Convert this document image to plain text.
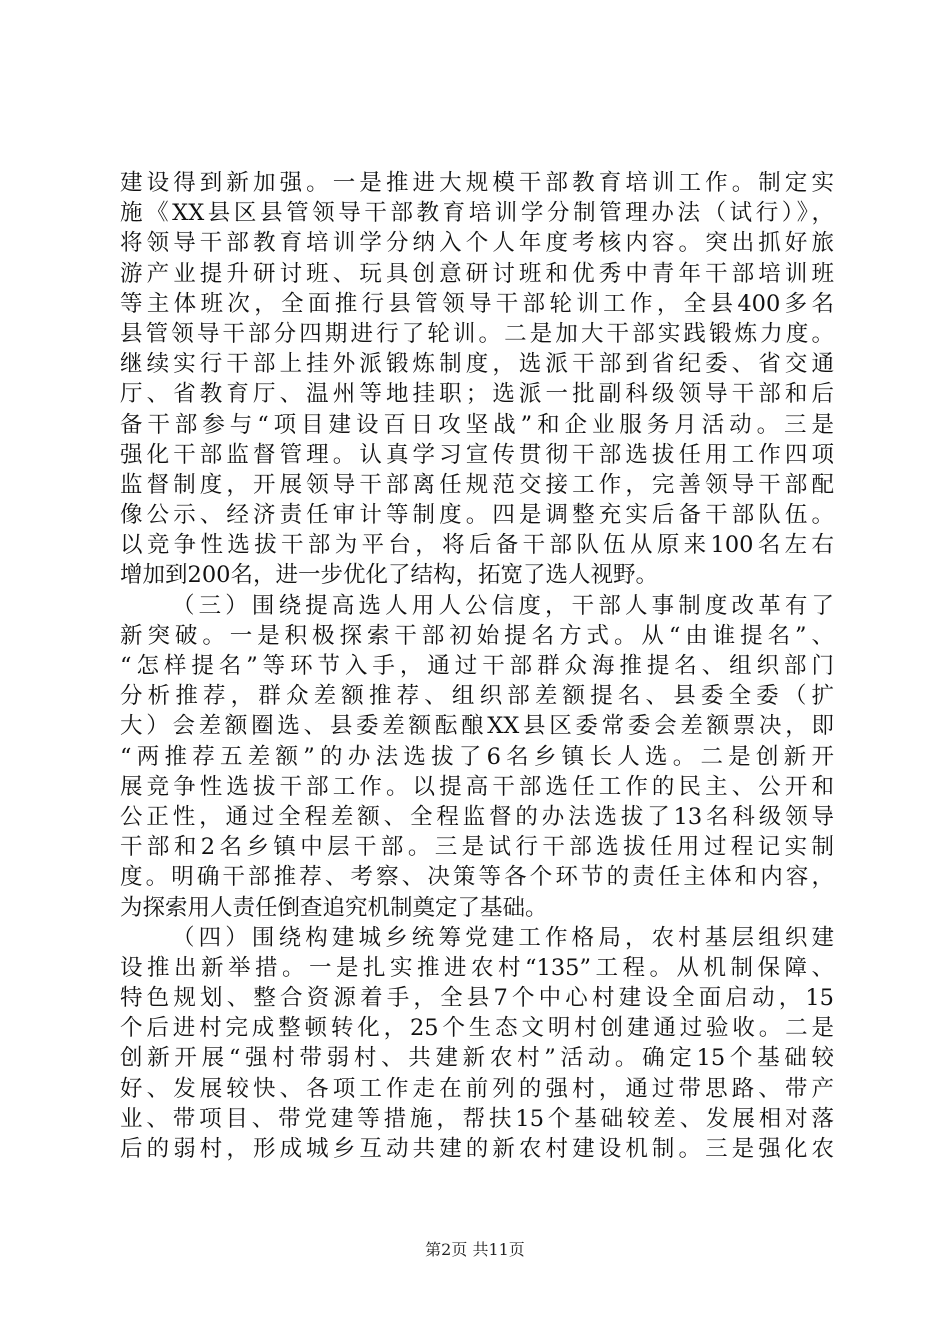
建设得到新加强。一是推进大规模干部教育培训工作。制定实
施《XX县区县管领导干部教育培训学分制管理办法（试行）》，
将领导干部教育培训学分纳入个人年度考核内容。突出抓好旅
游产业提升研讨班、玩具创意研讨班和优秀中青年干部培训班
等主体班次，全面推行县管领导干部轮训工作，全县400多名
县管领导干部分四期进行了轮训。二是加大干部实践锻炼力度。
继续实行干部上挂外派锻炼制度，选派干部到省纪委、省交通
厅、省教育厅、温州等地挂职；选派一批副科级领导干部和后
备干部参与“项目建设百日攻坚战”和企业服务月活动。三是
强化干部监督管理。认真学习宣传贯彻干部选拔任用工作四项
监督制度，开展领导干部离任规范交接工作，完善领导干部配
像公示、经济责任审计等制度。四是调整充实后备干部队伍。
以竞争性选拔干部为平台，将后备干部队伍从原来100名左右
增加到200名，进一步优化了结构，拓宽了选人视野。
（三）围绕提高选人用人公信度，干部人事制度改革有了
新突破。一是积极探索干部初始提名方式。从“由谁提名”、
“怎样提名”等环节入手，通过干部群众海推提名、组织部门
分析推荐，群众差额推荐、组织部差额提名、县委全委（扩
大）会差额圈选、县委差额酝酿XX县区委常委会差额票决，即
“两推荐五差额”的办法选拔了6名乡镇长人选。二是创新开
展竞争性选拔干部工作。以提高干部选任工作的民主、公开和
公正性，通过全程差额、全程监督的办法选拔了13名科级领导
干部和2名乡镇中层干部。三是试行干部选拔任用过程记实制
度。明确干部推荐、考察、决策等各个环节的责任主体和内容，
为探索用人责任倒查追究机制奠定了基础。
（四）围绕构建城乡统筹党建工作格局，农村基层组织建
设推出新举措。一是扎实推进农村“135”工程。从机制保障、
特色规划、整合资源着手，全县7个中心村建设全面启动，15
个后进村完成整顿转化，25个生态文明村创建通过验收。二是
创新开展“强村带弱村、共建新农村”活动。确定15个基础较
好、发展较快、各项工作走在前列的强村，通过带思路、带产
业、带项目、带党建等措施，帮扶15个基础较差、发展相对落
后的弱村，形成城乡互动共建的新农村建设机制。三是强化农
第2页 共11页
